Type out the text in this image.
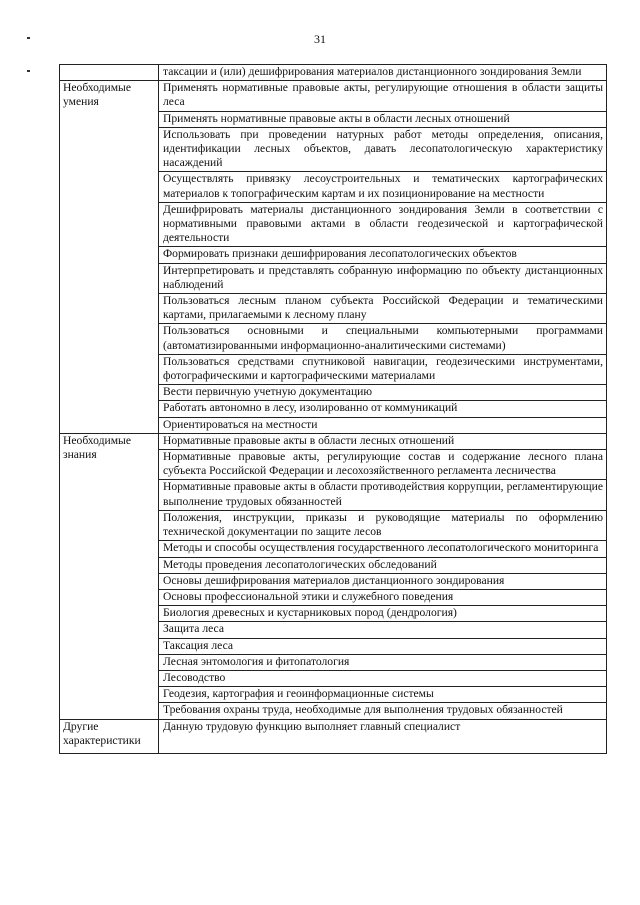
31
	таксации и (или) дешифрирования материалов дистанционного зондирования Земли
Необходимые умения	Применять нормативные правовые акты, регулирующие отношения в области защиты леса
	Применять нормативные правовые акты в области лесных отношений
	Использовать при проведении натурных работ методы определения, описания, идентификации лесных объектов, давать лесопатологическую характеристику насаждений
	Осуществлять привязку лесоустроительных и тематических картографических материалов к топографическим картам и их позиционирование на местности
	Дешифрировать материалы дистанционного зондирования Земли в соответствии с нормативными правовыми актами в области геодезической и картографической деятельности
	Формировать признаки дешифрирования лесопатологических объектов
	Интерпретировать и представлять собранную информацию по объекту дистанционных наблюдений
	Пользоваться лесным планом субъекта Российской Федерации и тематическими картами, прилагаемыми к лесному плану
	Пользоваться основными и специальными компьютерными программами (автоматизированными информационно-аналитическими системами)
	Пользоваться средствами спутниковой навигации, геодезическими инструментами, фотографическими и картографическими материалами
	Вести первичную учетную документацию
	Работать автономно в лесу, изолированно от коммуникаций
	Ориентироваться на местности
Необходимые знания	Нормативные правовые акты в области лесных отношений
	Нормативные правовые акты, регулирующие состав и содержание лесного плана субъекта Российской Федерации и лесохозяйственного регламента лесничества
	Нормативные правовые акты в области противодействия коррупции, регламентирующие выполнение трудовых обязанностей
	Положения, инструкции, приказы и руководящие материалы по оформлению технической документации по защите лесов
	Методы и способы осуществления государственного лесопатологического мониторинга
	Методы проведения лесопатологических обследований
	Основы дешифрирования материалов дистанционного зондирования
	Основы профессиональной этики и служебного поведения
	Биология древесных и кустарниковых пород (дендрология)
	Защита леса
	Таксация леса
	Лесная энтомология и фитопатология
	Лесоводство
	Геодезия, картография и геоинформационные системы
	Требования охраны труда, необходимые для выполнения трудовых обязанностей
Другие характеристики	Данную трудовую функцию выполняет главный специалист
